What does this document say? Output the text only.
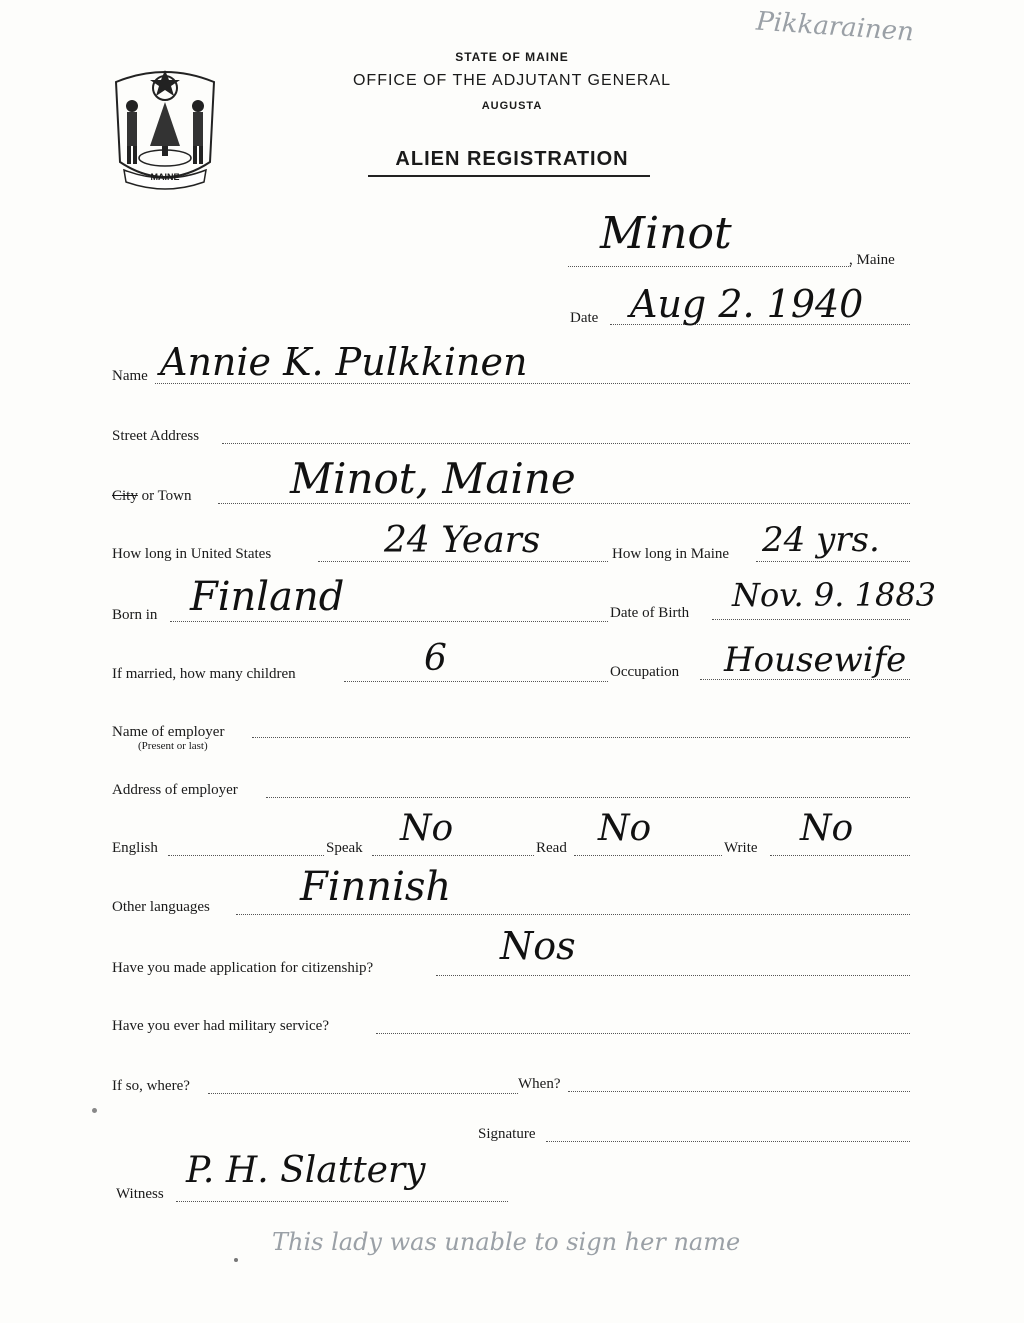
Pikkarainen
MAINE
STATE OF MAINE
OFFICE OF THE ADJUTANT GENERAL
AUGUSTA
ALIEN REGISTRATION
Minot
, Maine
Date Aug 2. 1940
Name Annie K. Pulkkinen
Street Address
City or Town Minot, Maine
How long in United States	24 Years	How long in Maine 24 yrs.
Born in Finland	Date of Birth Nov. 9. 1883
If married, how many children	6	Occupation Housewife
Name of employer
(Present or last)
Address of employer
English	Speak No	Read No	Write No
Other languages Finnish
Have you made application for citizenship?	Nos
Have you ever had military service?
If so, where?	When?
Signature
Witness
P. H. Slattery
This lady was unable to sign her name
